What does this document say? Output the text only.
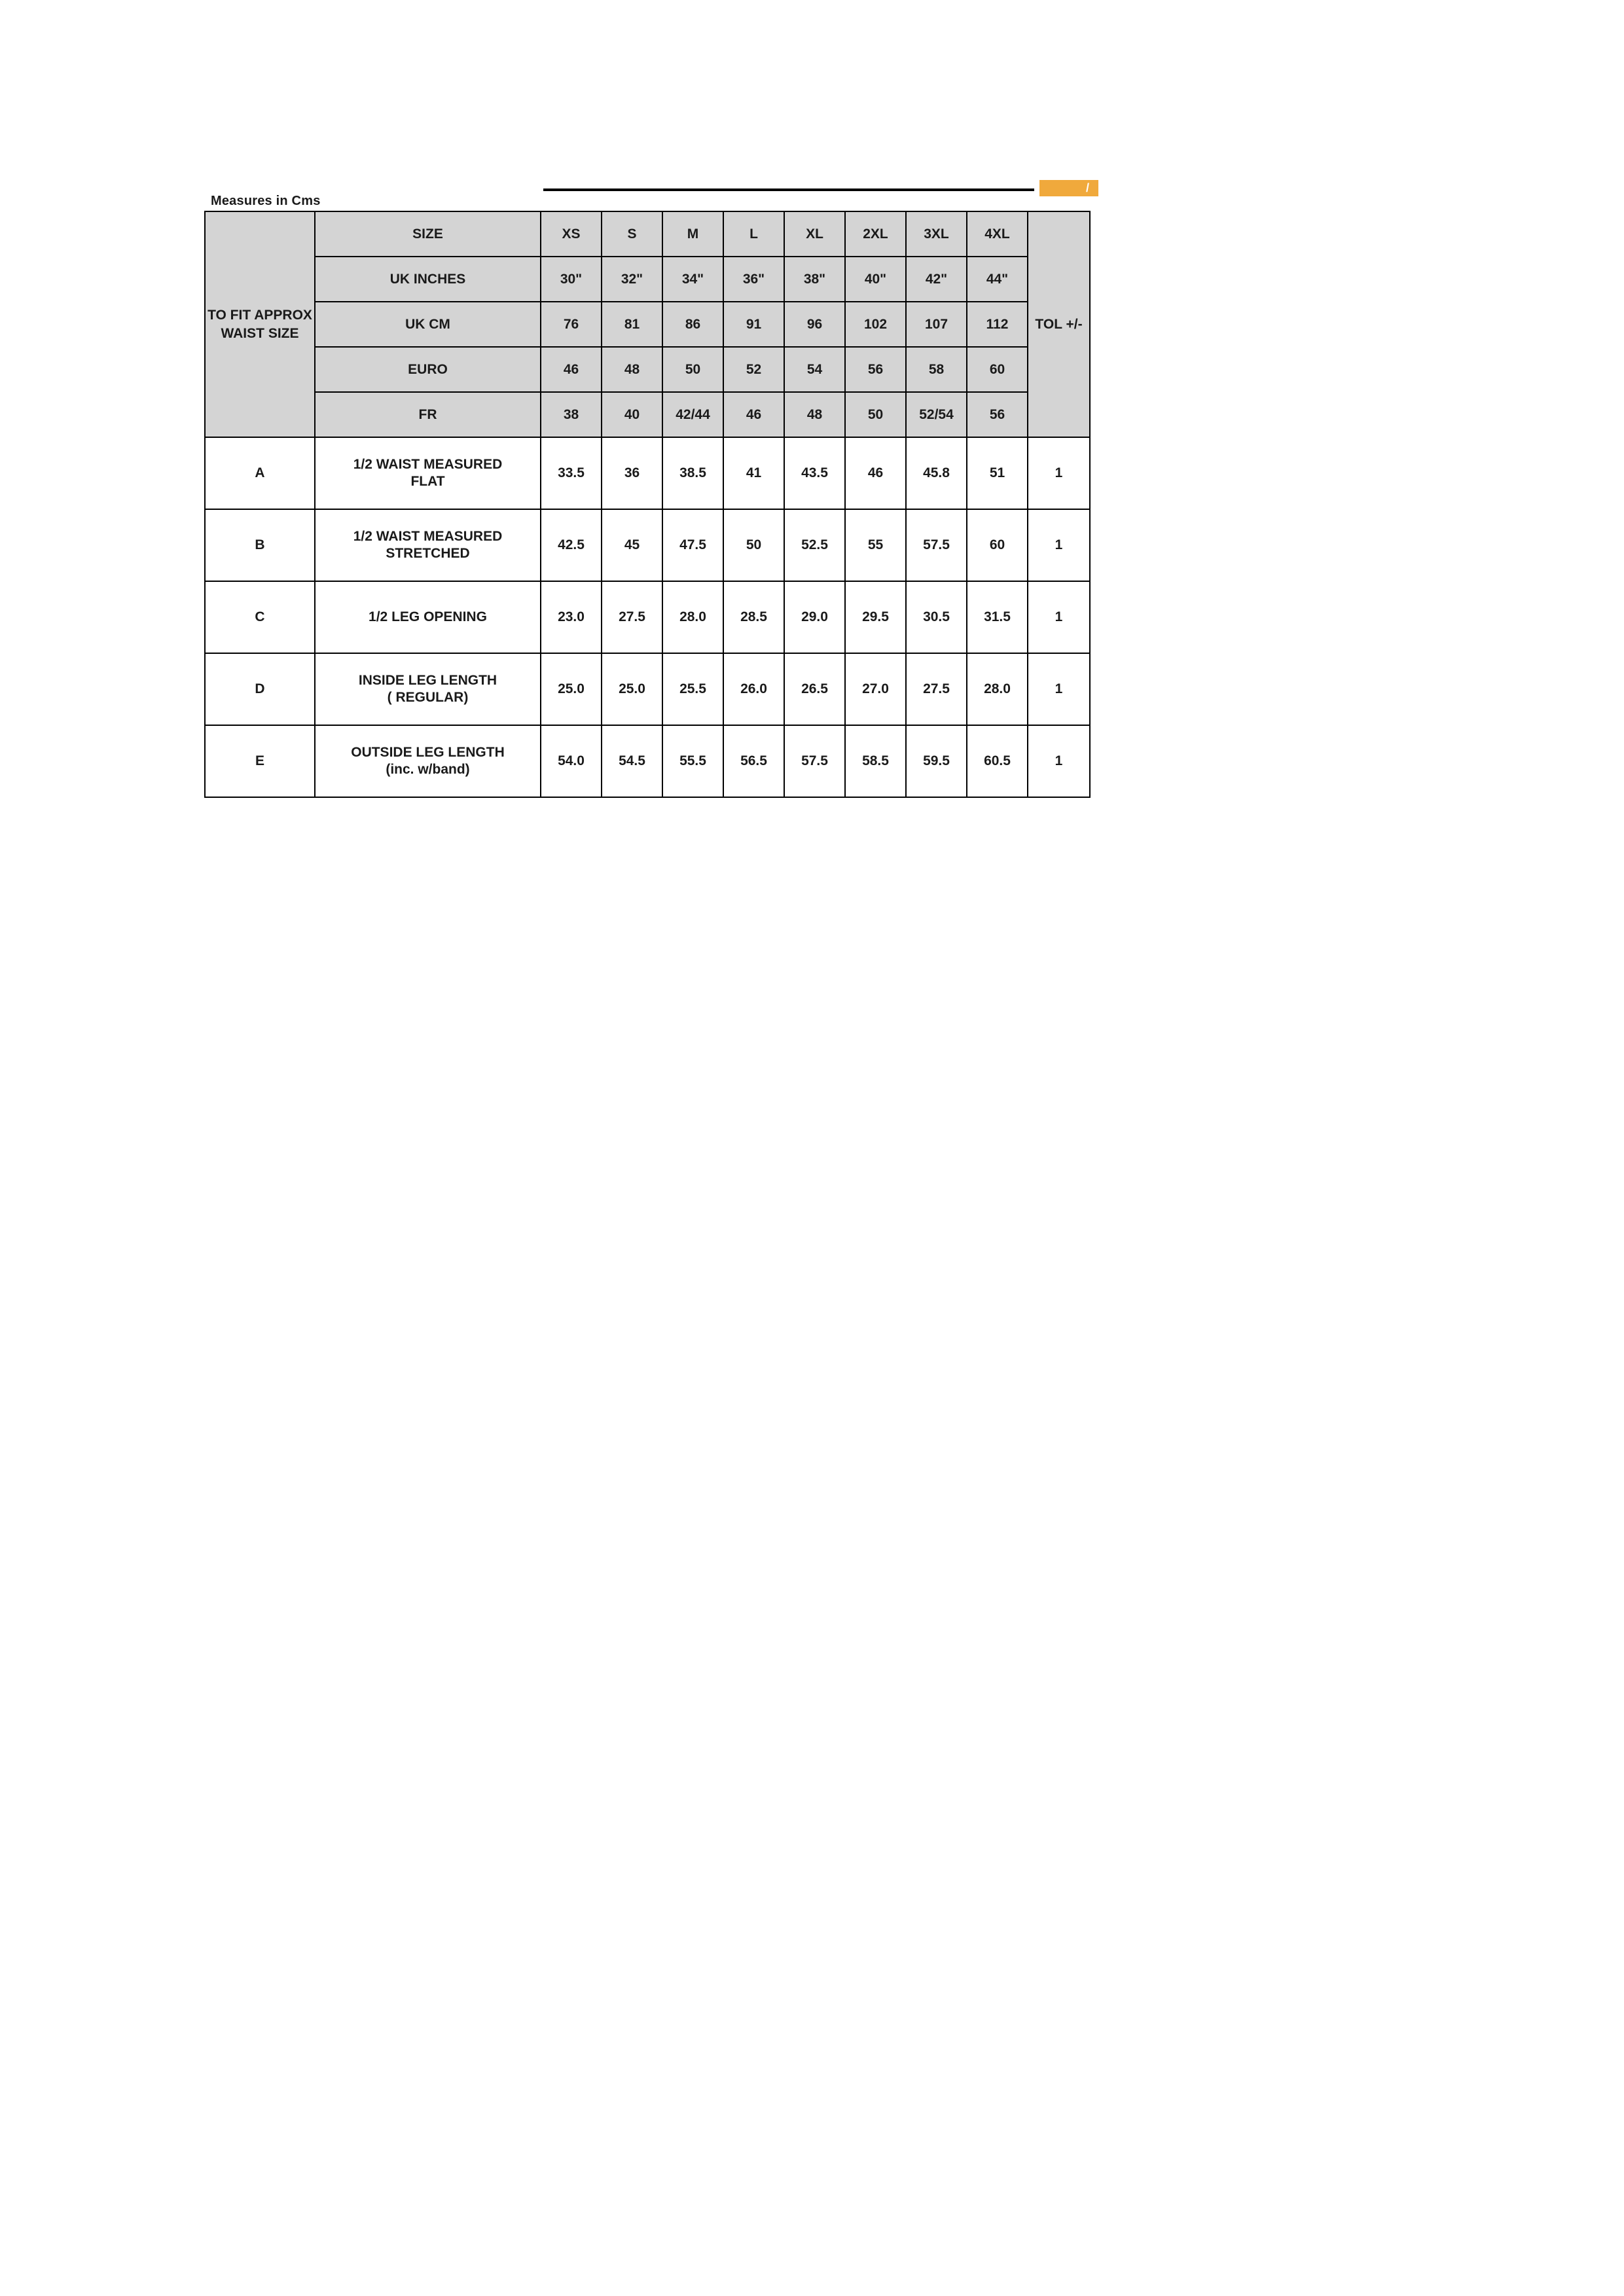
Measures in Cms
/
TO FIT APPROX WAIST SIZE	SIZE	XS	S	M	L	XL	2XL	3XL	4XL	TOL +/-
	UK INCHES	30"	32"	34"	36"	38"	40"	42"	44"	
	UK CM	76	81	86	91	96	102	107	112	
	EURO	46	48	50	52	54	56	58	60	
	FR	38	40	42/44	46	48	50	52/54	56	
A	1/2 WAIST MEASURED
FLAT	33.5	36	38.5	41	43.5	46	45.8	51	1
B	1/2 WAIST MEASURED
STRETCHED	42.5	45	47.5	50	52.5	55	57.5	60	1
C	1/2 LEG OPENING	23.0	27.5	28.0	28.5	29.0	29.5	30.5	31.5	1
D	INSIDE LEG LENGTH
( REGULAR)	25.0	25.0	25.5	26.0	26.5	27.0	27.5	28.0	1
E	OUTSIDE LEG LENGTH
(inc. w/band)	54.0	54.5	55.5	56.5	57.5	58.5	59.5	60.5	1
